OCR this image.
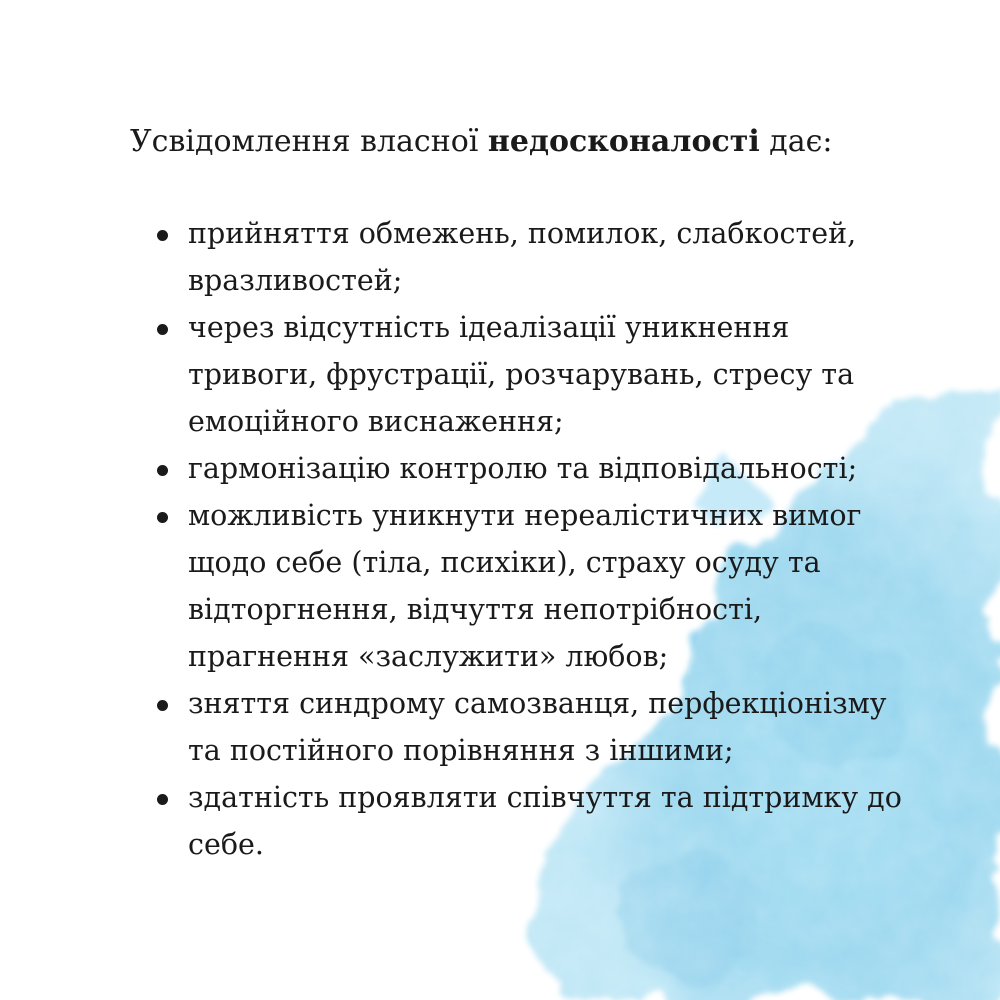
Усвідомлення власної недосконалості дає:
прийняття обмежень, помилок, слабкостей, вразливостей;
через відсутність ідеалізації уникнення тривоги, фрустрації, розчарувань, стресу та емоційного виснаження;
гармонізацію контролю та відповідальності;
можливість уникнути нереалістичних вимог щодо себе (тіла, психіки), страху осуду та відторгнення, відчуття непотрібності, прагнення «заслужити» любов;
зняття синдрому самозванця, перфекціонізму та постійного порівняння з іншими;
здатність проявляти співчуття та підтримку до себе.
